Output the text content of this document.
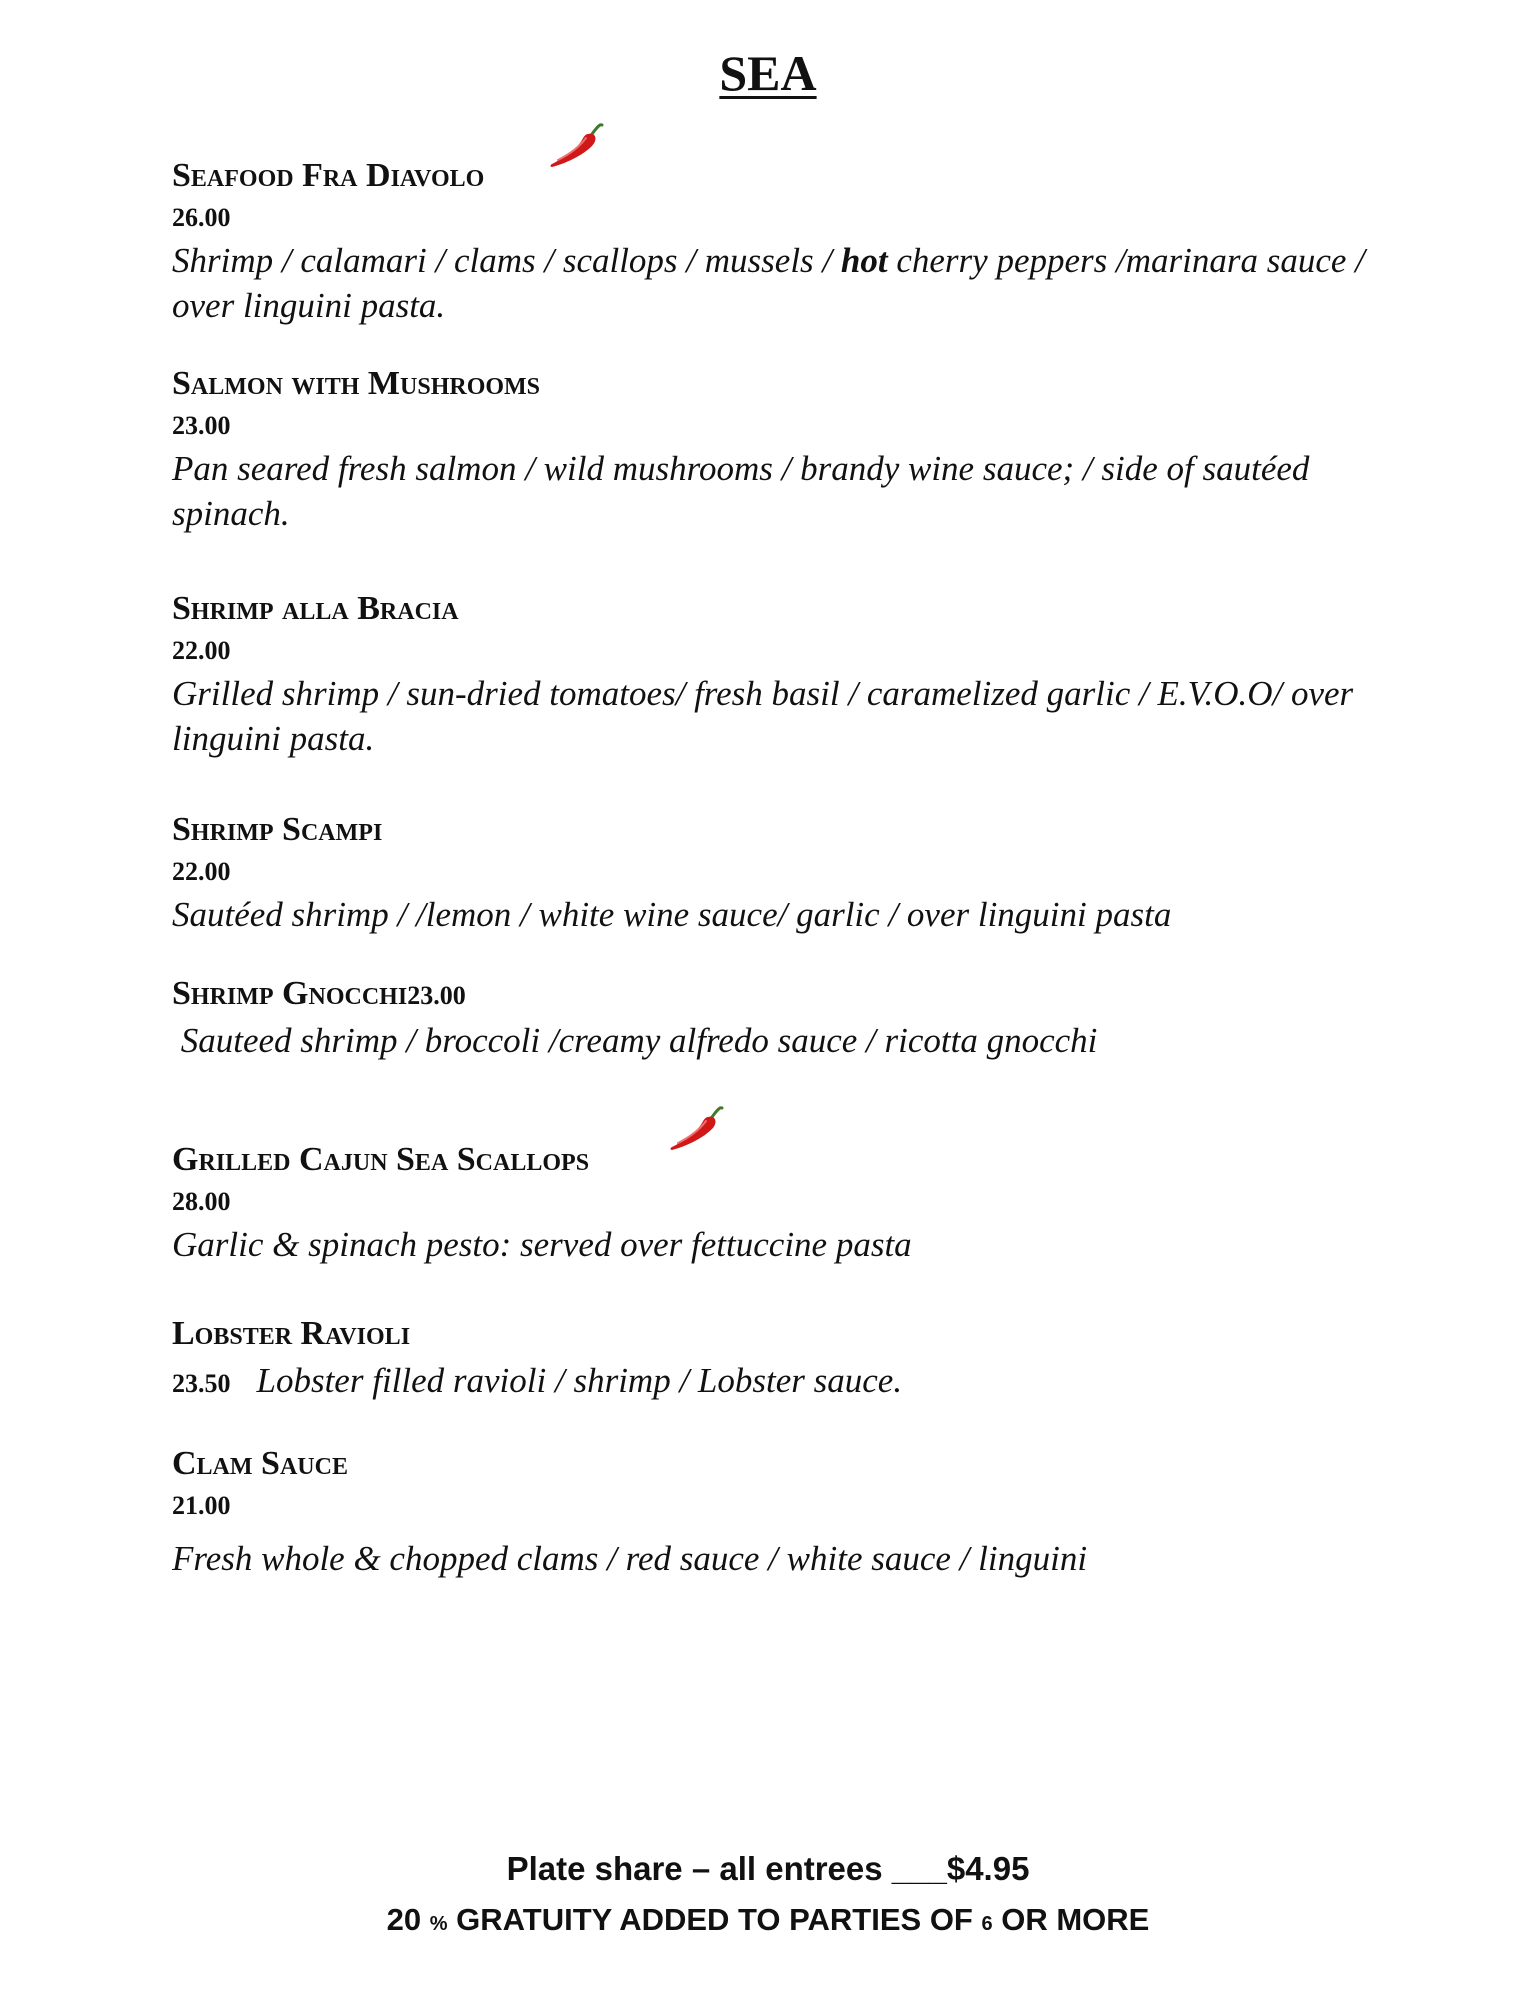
SEA
Seafood Fra Diavolo
26.00
Shrimp / calamari / clams / scallops / mussels / hot cherry peppers /marinara sauce / over linguini pasta.
Salmon with Mushrooms
23.00
Pan seared fresh salmon / wild mushrooms / brandy wine sauce; / side of sautéed spinach.
Shrimp alla Bracia
22.00
Grilled shrimp / sun-dried tomatoes/ fresh basil / caramelized garlic / E.V.O.O/ over linguini pasta.
Shrimp Scampi
22.00
Sautéed shrimp / /lemon / white wine sauce/ garlic / over linguini pasta
Shrimp Gnocchi 23.00
Sauteed shrimp / broccoli /creamy alfredo sauce / ricotta gnocchi
Grilled Cajun Sea Scallops
28.00
Garlic & spinach pesto: served over fettuccine pasta
Lobster Ravioli
23.50 Lobster filled ravioli / shrimp / Lobster sauce.
Clam Sauce
21.00
Fresh whole & chopped clams / red sauce / white sauce / linguini
Plate share – all entrees ___$4.95
20 % GRATUITY ADDED TO PARTIES OF 6 OR MORE
